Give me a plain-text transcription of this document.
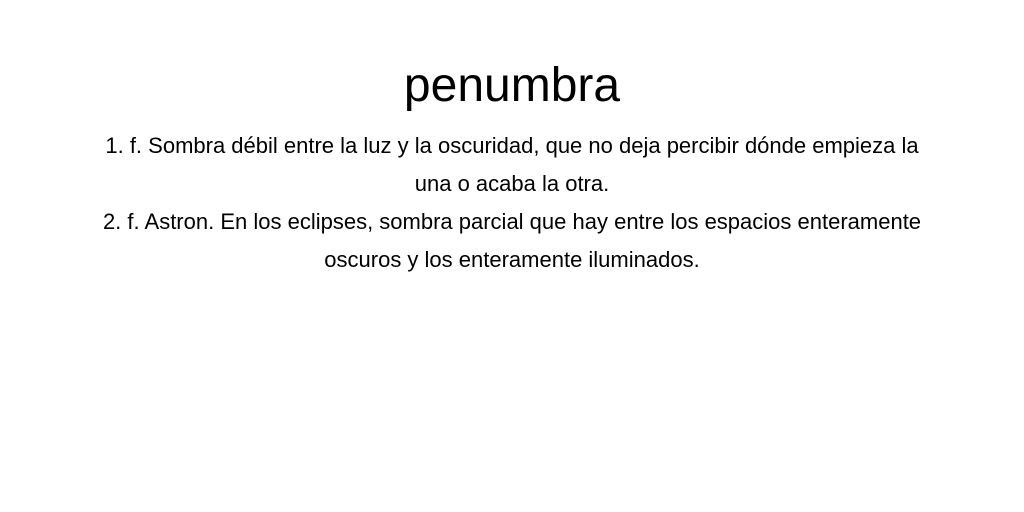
penumbra
1. f. Sombra débil entre la luz y la oscuridad, que no deja percibir dónde empieza la una o acaba la otra.
2. f. Astron. En los eclipses, sombra parcial que hay entre los espacios enteramente oscuros y los enteramente iluminados.
